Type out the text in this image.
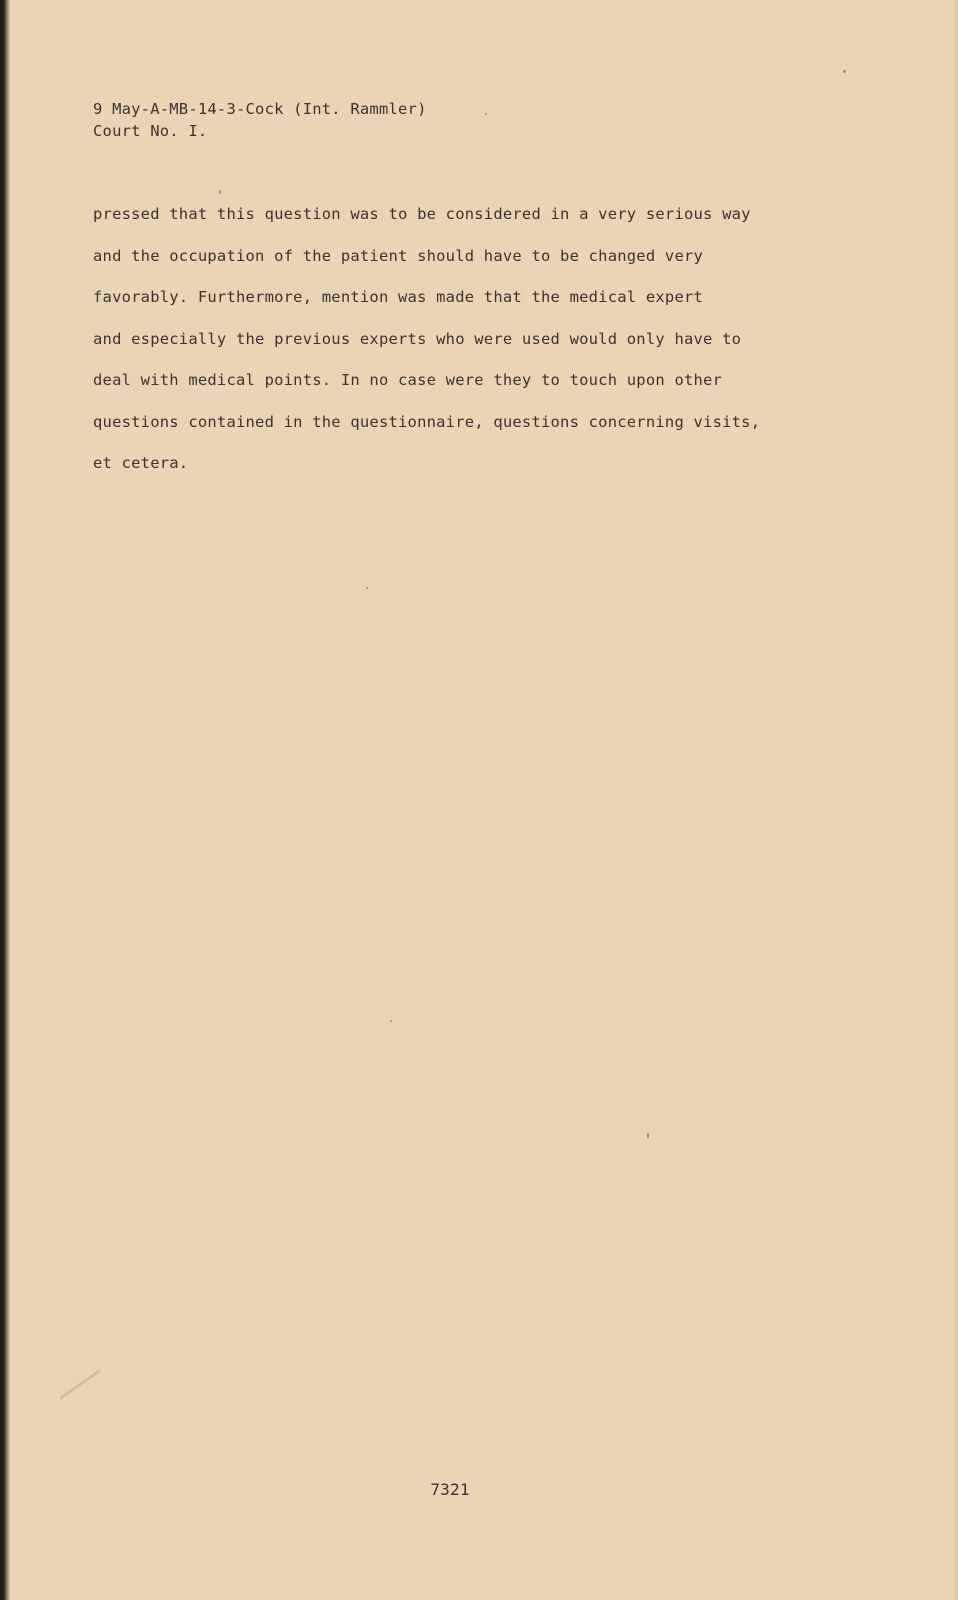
9 May-A-MB-14-3-Cock (Int. Rammler)
Court No. I.
pressed that this question was to be considered in a very serious way
and the occupation of the patient should have to be changed very
favorably. Furthermore, mention was made that the medical expert
and especially the previous experts who were used would only have to
deal with medical points. In no case were they to touch upon other
questions contained in the questionnaire, questions concerning visits,
et cetera.
7321
